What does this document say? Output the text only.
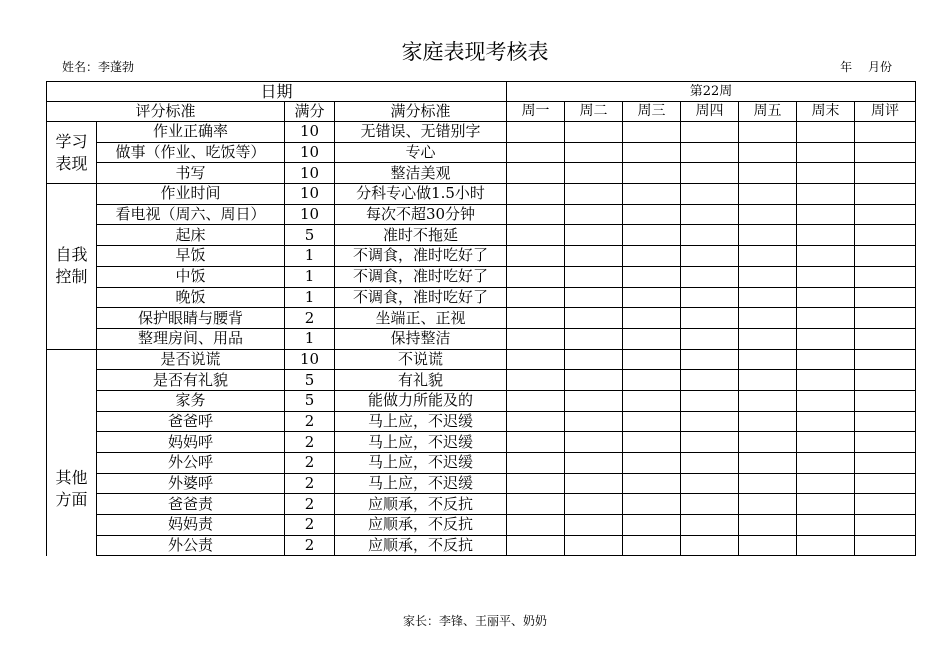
家庭表现考核表
姓名：李蓬勃	年 月份
日期				第22周						
				周一	周二	周三	周四	周五	周末	周评
评分标准		满分	满分标准							
学习
表现	作业正确率	10	无错误、无错别字							
	做事（作业、吃饭等）	10	专心							
	书写	10	整洁美观							
自我
控制	作业时间	10	分科专心做1.5小时							
	看电视（周六、周日）	10	每次不超30分钟							
	起床	5	准时不拖延							
	早饭	1	不调食，准时吃好了							
	中饭	1	不调食，准时吃好了							
	晚饭	1	不调食，准时吃好了							
	保护眼睛与腰背	2	坐端正、正视							
	整理房间、用品	1	保持整洁							
其他
方面	是否说谎	10	不说谎							
	是否有礼貌	5	有礼貌							
	家务	5	能做力所能及的							
	爸爸呼	2	马上应，不迟缓							
	妈妈呼	2	马上应，不迟缓							
	外公呼	2	马上应，不迟缓							
	外婆呼	2	马上应，不迟缓							
	爸爸责	2	应顺承，不反抗							
	妈妈责	2	应顺承，不反抗							
	外公责	2	应顺承，不反抗							
家长：李锋、王丽平、奶奶
